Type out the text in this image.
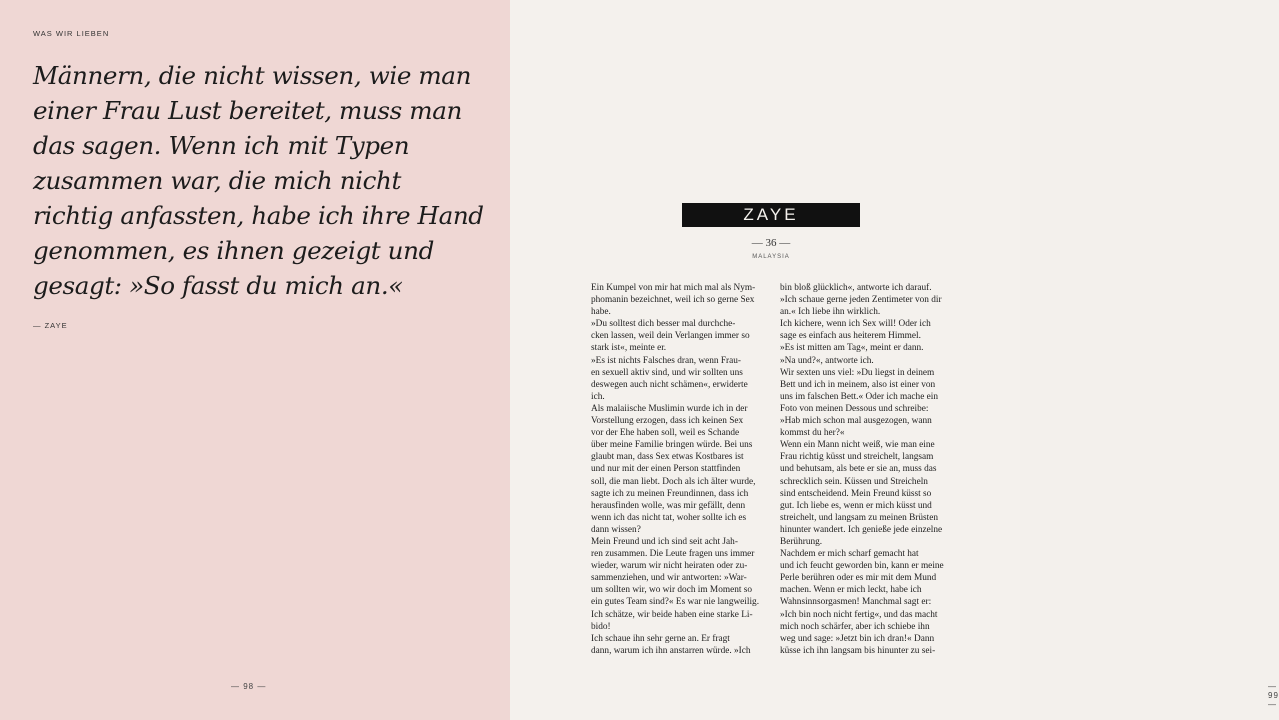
WAS WIR LIEBEN

Männern, die nicht wissen, wie man
einer Frau Lust bereitet, muss man
das sagen. Wenn ich mit Typen
zusammen war, die mich nicht
richtig anfassten, habe ich ihre Hand
genommen, es ihnen gezeigt und
gesagt: »So fasst du mich an.«

— ZAYE
— 98 —
ZAYE
— 36 —
MALAYSIA

Ein Kumpel von mir hat mich mal als Nym-
phomanin bezeichnet, weil ich so gerne Sex
habe.
»Du solltest dich besser mal durchche-
cken lassen, weil dein Verlangen immer so
stark ist«, meinte er.
»Es ist nichts Falsches dran, wenn Frau-
en sexuell aktiv sind, und wir sollten uns
deswegen auch nicht schämen«, erwiderte
ich.
Als malaiische Muslimin wurde ich in der
Vorstellung erzogen, dass ich keinen Sex
vor der Ehe haben soll, weil es Schande
über meine Familie bringen würde. Bei uns
glaubt man, dass Sex etwas Kostbares ist
und nur mit der einen Person stattfinden
soll, die man liebt. Doch als ich älter wurde,
sagte ich zu meinen Freundinnen, dass ich
herausfinden wolle, was mir gefällt, denn
wenn ich das nicht tat, woher sollte ich es
dann wissen?
Mein Freund und ich sind seit acht Jah-
ren zusammen. Die Leute fragen uns immer
wieder, warum wir nicht heiraten oder zu-
sammenziehen, und wir antworten: »War-
um sollten wir, wo wir doch im Moment so
ein gutes Team sind?« Es war nie langweilig.
Ich schätze, wir beide haben eine starke Li-
bido!
Ich schaue ihn sehr gerne an. Er fragt
dann, warum ich ihn anstarren würde. »Ich

bin bloß glücklich«, antworte ich darauf.
»Ich schaue gerne jeden Zentimeter von dir
an.« Ich liebe ihn wirklich.
Ich kichere, wenn ich Sex will! Oder ich
sage es einfach aus heiterem Himmel.
»Es ist mitten am Tag«, meint er dann.
»Na und?«, antworte ich.
Wir sexten uns viel: »Du liegst in deinem
Bett und ich in meinem, also ist einer von
uns im falschen Bett.« Oder ich mache ein
Foto von meinen Dessous und schreibe:
»Hab mich schon mal ausgezogen, wann
kommst du her?«
Wenn ein Mann nicht weiß, wie man eine
Frau richtig küsst und streichelt, langsam
und behutsam, als bete er sie an, muss das
schrecklich sein. Küssen und Streicheln
sind entscheidend. Mein Freund küsst so
gut. Ich liebe es, wenn er mich küsst und
streichelt, und langsam zu meinen Brüsten
hinunter wandert. Ich genieße jede einzelne
Berührung.
Nachdem er mich scharf gemacht hat
und ich feucht geworden bin, kann er meine
Perle berühren oder es mir mit dem Mund
machen. Wenn er mich leckt, habe ich
Wahnsinnsorgasmen! Manchmal sagt er:
»Ich bin noch nicht fertig«, und das macht
mich noch schärfer, aber ich schiebe ihn
weg und sage: »Jetzt bin ich dran!« Dann
küsse ich ihn langsam bis hinunter zu sei-

— 99 —
